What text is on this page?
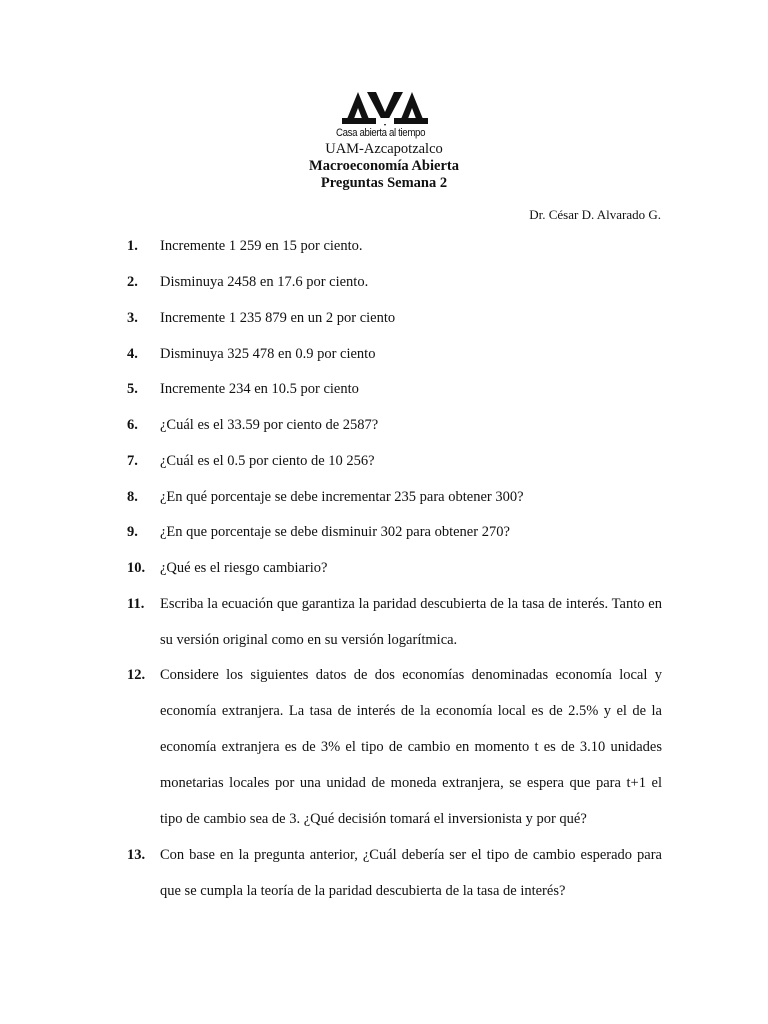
Casa abierta al tiempo
UAM-Azcapotzalco
Macroeconomía Abierta
Preguntas Semana 2
Dr. César D. Alvarado G.
1.	Incremente 1 259 en 15 por ciento.
2.	Disminuya 2458 en 17.6 por ciento.
3.	Incremente 1 235 879 en un 2 por ciento
4.	Disminuya 325 478 en 0.9 por ciento
5.	Incremente 234 en 10.5 por ciento
6.	¿Cuál es el 33.59 por ciento de 2587?
7.	¿Cuál es el 0.5 por ciento de 10 256?
8.	¿En qué porcentaje se debe incrementar 235 para obtener 300?
9.	¿En que porcentaje se debe disminuir 302 para obtener 270?
10.	¿Qué es el riesgo cambiario?
11.	Escriba la ecuación que garantiza la paridad descubierta de la tasa de interés. Tanto en su versión original como en su versión logarítmica.
12.	Considere los siguientes datos de dos economías denominadas economía local y economía extranjera. La tasa de interés de la economía local es de 2.5% y el de la economía extranjera es de 3% el tipo de cambio en momento t es de 3.10 unidades monetarias locales por una unidad de moneda extranjera, se espera que para t+1 el tipo de cambio sea de 3. ¿Qué decisión tomará el inversionista y por qué?
13.	Con base en la pregunta anterior, ¿Cuál debería ser el tipo de cambio esperado para que se cumpla la teoría de la paridad descubierta de la tasa de interés?
